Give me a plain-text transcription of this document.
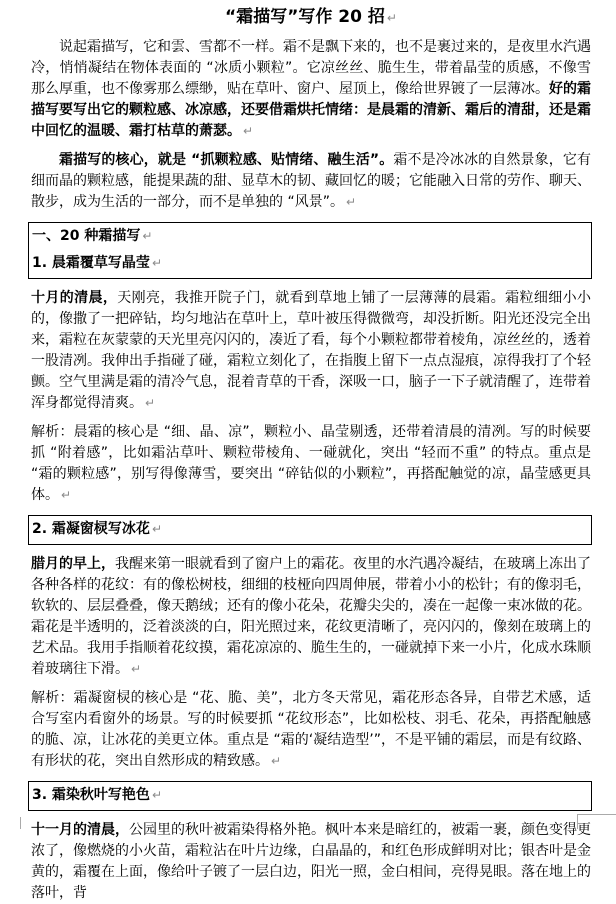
“霜描写”写作 20 招 ↵

说起霜描写，它和雲、雪都不一样。霜不是飘下来的，也不是裹过来的，是夜里水汽遇冷，悄悄凝结在物体表面的 “冰质小颗粒”。它凉丝丝、脆生生，带着晶莹的质感，不像雪那么厚重，也不像雾那么缥缈，贴在草叶、窗户、屋顶上，像给世界镀了一层薄冰。好的霜描写要写出它的颗粒感、冰凉感，还要借霜烘托情绪：是晨霜的清新、霜后的清甜，还是霜中回忆的温暖、霜打枯草的萧瑟。 ↵

霜描写的核心，就是 “抓颗粒感、贴情绪、融生活”。霜不是冷冰冰的自然景象，它有细而晶的颗粒感，能提果蔬的甜、显草木的韧、藏回忆的暖；它能融入日常的劳作、聊天、散步，成为生活的一部分，而不是单独的 “风景”。 ↵

一、20 种霜描写 ↵
1. 晨霜覆草写晶莹 ↵

十月的清晨，天刚亮，我推开院子门，就看到草地上铺了一层薄薄的晨霜。霜粒细细小小的，像撒了一把碎钻，均匀地沾在草叶上，草叶被压得微微弯，却没折断。阳光还没完全出来，霜粒在灰蒙蒙的天光里亮闪闪的，凑近了看，每个小颗粒都带着棱角，凉丝丝的，透着一股清冽。我伸出手指碰了碰，霜粒立刻化了，在指腹上留下一点点湿痕，凉得我打了个轻颤。空气里满是霜的清冷气息，混着青草的干香，深吸一口，脑子一下子就清醒了，连带着浑身都觉得清爽。 ↵

解析：晨霜的核心是 “细、晶、凉”，颗粒小、晶莹剔透，还带着清晨的清冽。写的时候要抓 “附着感”，比如霜沾草叶、颗粒带棱角、一碰就化，突出 “轻而不重” 的特点。重点是 “霜的颗粒感”，别写得像薄雪，要突出 “碎钻似的小颗粒”，再搭配触觉的凉，晶莹感更具体。 ↵

2. 霜凝窗棂写冰花 ↵

腊月的早上，我醒来第一眼就看到了窗户上的霜花。夜里的水汽遇冷凝结，在玻璃上冻出了各种各样的花纹：有的像松树枝，细细的枝桠向四周伸展，带着小小的松针；有的像羽毛，软软的、层层叠叠，像天鹅绒；还有的像小花朵，花瓣尖尖的，凑在一起像一束冰做的花。霜花是半透明的，泛着淡淡的白，阳光照过来，花纹更清晰了，亮闪闪的，像刻在玻璃上的艺术品。我用手指顺着花纹摸，霜花凉凉的、脆生生的，一碰就掉下来一小片，化成水珠顺着玻璃往下滑。 ↵

解析：霜凝窗棂的核心是 “花、脆、美”，北方冬天常见，霜花形态各异，自带艺术感，适合写室内看窗外的场景。写的时候要抓 “花纹形态”，比如松枝、羽毛、花朵，再搭配触感的脆、凉，让冰花的美更立体。重点是 “霜的‘凝结造型’”，不是平铺的霜层，而是有纹路、有形状的花，突出自然形成的精致感。 ↵

3. 霜染秋叶写艳色 ↵

十一月的清晨，公园里的秋叶被霜染得格外艳。枫叶本来是暗红的，被霜一裹，颜色变得更浓了，像燃烧的小火苗，霜粒沾在叶片边缘，白晶晶的，和红色形成鲜明对比；银杏叶是金黄的，霜覆在上面，像给叶子镀了一层白边，阳光一照，金白相间，亮得晃眼。落在地上的落叶，背
